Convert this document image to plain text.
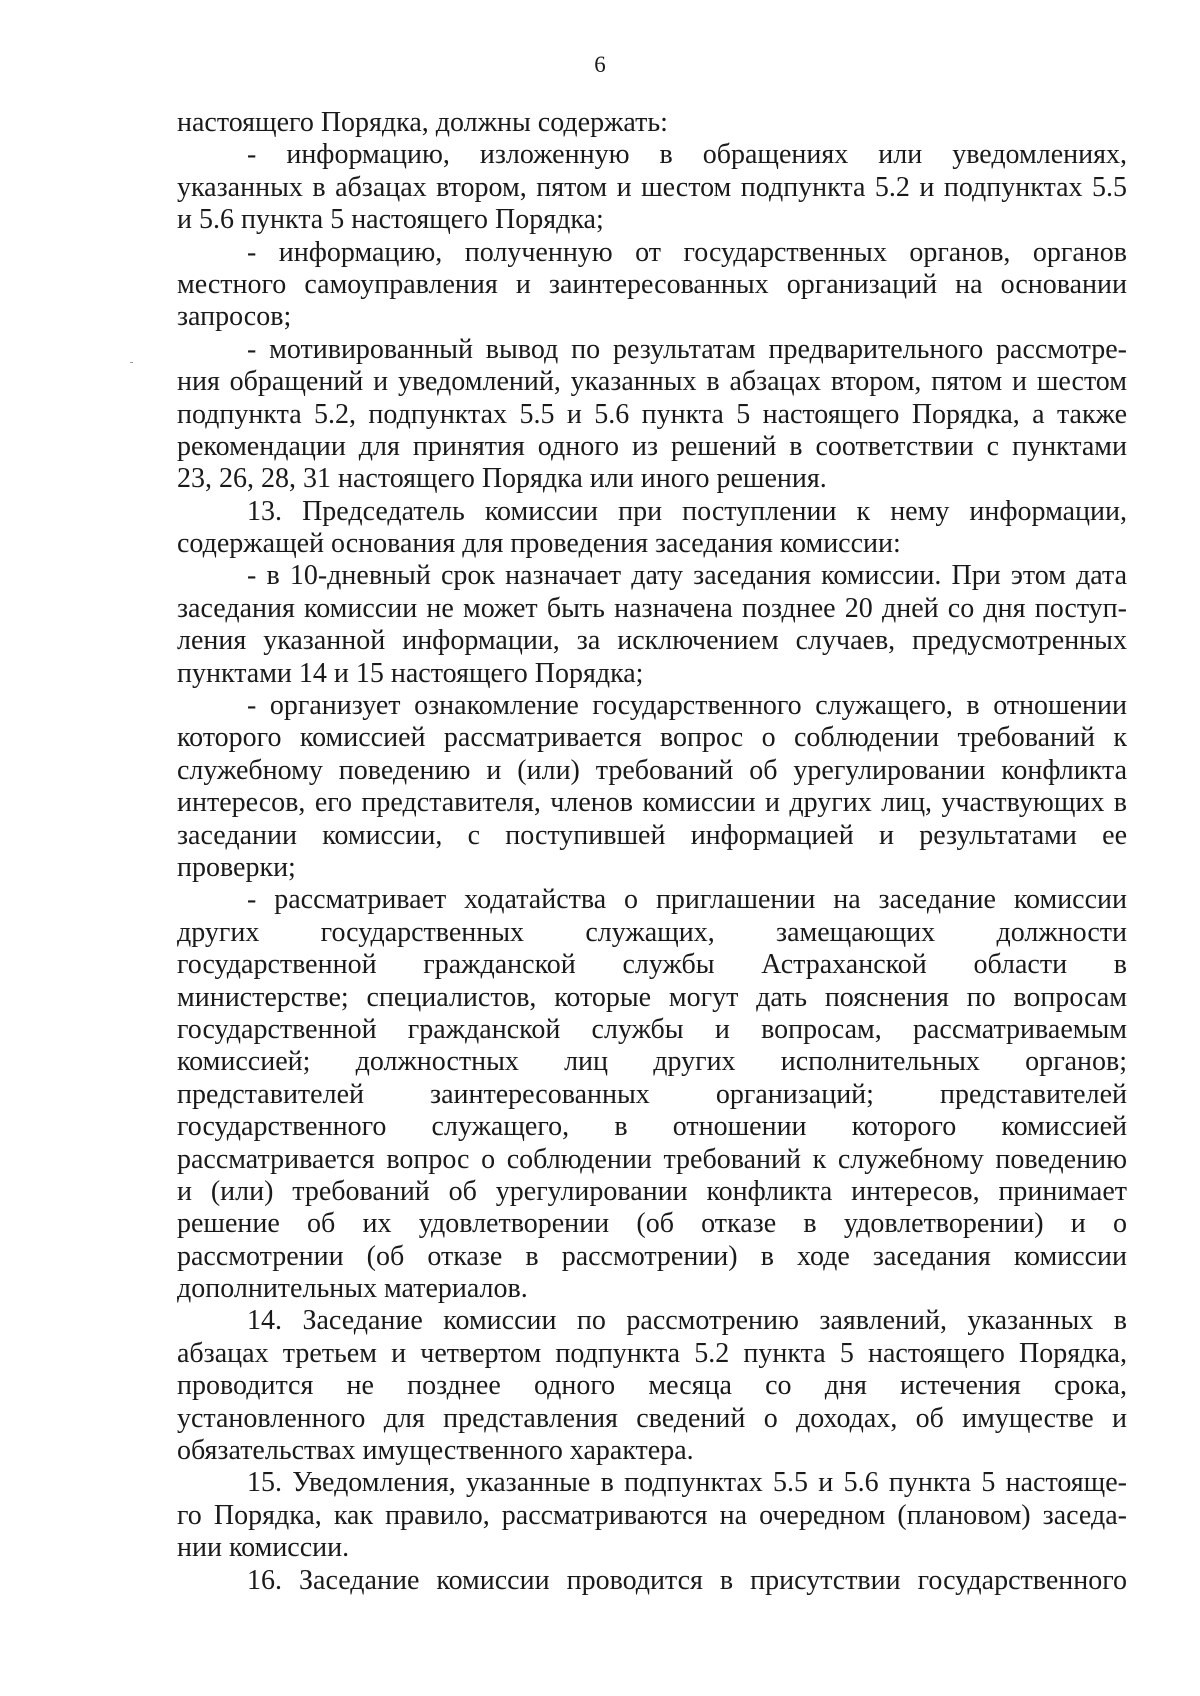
6
настоящего Порядка, должны содержать:
- информацию, изложенную в обращениях или уведомлениях,
указанных в абзацах втором, пятом и шестом подпункта 5.2 и подпунктах 5.5
и 5.6 пункта 5 настоящего Порядка;
- информацию, полученную от государственных органов, органов
местного самоуправления и заинтересованных организаций на основании
запросов;
- мотивированный вывод по результатам предварительного рассмотре-
ния обращений и уведомлений, указанных в абзацах втором, пятом и шестом
подпункта 5.2, подпунктах 5.5 и 5.6 пункта 5 настоящего Порядка, а также
рекомендации для принятия одного из решений в соответствии с пунктами
23, 26, 28, 31 настоящего Порядка или иного решения.
13. Председатель комиссии при поступлении к нему информации,
содержащей основания для проведения заседания комиссии:
- в 10-дневный срок назначает дату заседания комиссии. При этом дата
заседания комиссии не может быть назначена позднее 20 дней со дня поступ-
ления указанной информации, за исключением случаев, предусмотренных
пунктами 14 и 15 настоящего Порядка;
- организует ознакомление государственного служащего, в отношении
которого комиссией рассматривается вопрос о соблюдении требований к
служебному поведению и (или) требований об урегулировании конфликта
интересов, его представителя, членов комиссии и других лиц, участвующих в
заседании комиссии, с поступившей информацией и результатами ее
проверки;
- рассматривает ходатайства о приглашении на заседание комиссии
других государственных служащих, замещающих должности
государственной гражданской службы Астраханской области в
министерстве; специалистов, которые могут дать пояснения по вопросам
государственной гражданской службы и вопросам, рассматриваемым
комиссией; должностных лиц других исполнительных органов;
представителей заинтересованных организаций; представителей
государственного служащего, в отношении которого комиссией
рассматривается вопрос о соблюдении требований к служебному поведению
и (или) требований об урегулировании конфликта интересов, принимает
решение об их удовлетворении (об отказе в удовлетворении) и о
рассмотрении (об отказе в рассмотрении) в ходе заседания комиссии
дополнительных материалов.
14. Заседание комиссии по рассмотрению заявлений, указанных в
абзацах третьем и четвертом подпункта 5.2 пункта 5 настоящего Порядка,
проводится не позднее одного месяца со дня истечения срока,
установленного для представления сведений о доходах, об имуществе и
обязательствах имущественного характера.
15. Уведомления, указанные в подпунктах 5.5 и 5.6 пункта 5 настояще-
го Порядка, как правило, рассматриваются на очередном (плановом) заседа-
нии комиссии.
16. Заседание комиссии проводится в присутствии государственного
